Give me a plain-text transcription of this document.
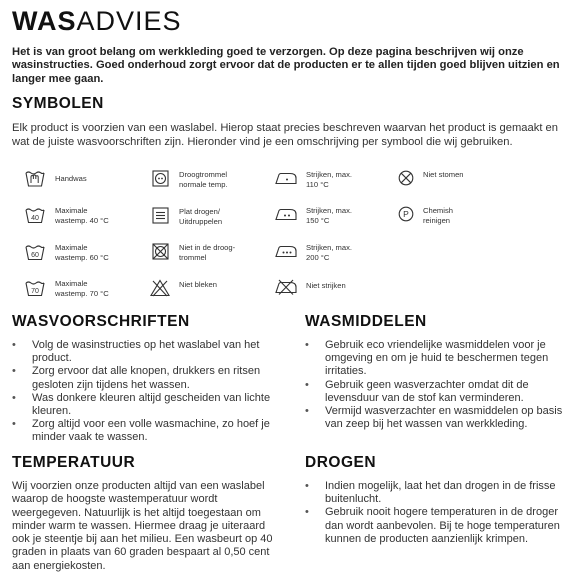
WASADVIES
Het is van groot belang om werkkleding goed te verzorgen. Op deze pagina beschrijven wij onze wasinstructies. Goed onderhoud zorgt ervoor dat de producten er te allen tijden goed blijven uitzien en langer mee gaan.
SYMBOLEN
Elk product is voorzien van een waslabel. Hierop staat precies beschreven waarvan het product is gemaakt en wat de juiste wasvoorschriften zijn. Hieronder vind je een omschrijving per symbool die wij gebruiken.
Handwas
40
Maximale
wastemp. 40 °C
60
Maximale
wastemp. 60 °C
70
Maximale
wastemp. 70 °C
Droogtrommel
normale temp.
Plat drogen/
Uitdruppelen
Niet in de droog-
trommel
Niet bleken
Strijken, max.
110 °C
Strijken, max.
150 °C
Strijken, max.
200 °C
Niet strijken
Niet stomen
P Chemish
reinigen
WASVOORSCHRIFTEN
• Volg de wasinstructies op het waslabel van het product.
• Zorg ervoor dat alle knopen, drukkers en ritsen gesloten zijn tijdens het wassen.
• Was donkere kleuren altijd gescheiden van lichte kleuren.
• Zorg altijd voor een volle wasmachine, zo hoef je minder vaak te wassen.
WASMIDDELEN
• Gebruik eco vriendelijke wasmiddelen voor je omgeving en om je huid te beschermen tegen irritaties.
• Gebruik geen wasverzachter omdat dit de levensduur van de stof kan verminderen.
• Vermijd wasverzachter en wasmiddelen op basis van zeep bij het wassen van werkkleding.
TEMPERATUUR
Wij voorzien onze producten altijd van een waslabel waarop de hoogste wastemperatuur wordt weergegeven. Natuurlijk is het altijd toegestaan om minder warm te wassen. Hiermee draag je uiteraard ook je steentje bij aan het milieu. Een wasbeurt op 40 graden in plaats van 60 graden bespaart al 0,50 cent aan energiekosten.
DROGEN
• Indien mogelijk, laat het dan drogen in de frisse buitenlucht.
• Gebruik nooit hogere temperaturen in de droger dan wordt aanbevolen. Bij te hoge temperaturen kunnen de producten aanzienlijk krimpen.
